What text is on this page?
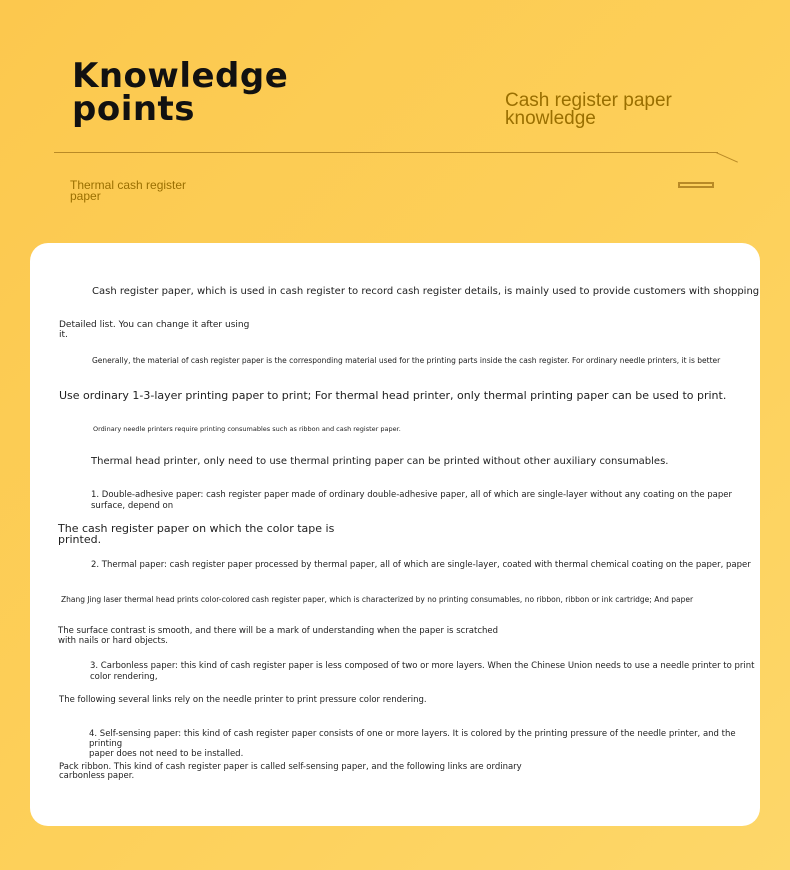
Knowledge
points	Cash register paper
knowledge
Thermal cash register
paper
Cash register paper, which is used in cash register to record cash register details, is mainly used to provide customers with shopping
Detailed list. You can change it after using
it.
Generally, the material of cash register paper is the corresponding material used for the printing parts inside the cash register. For ordinary needle printers, it is better
Use ordinary 1-3-layer printing paper to print; For thermal head printer, only thermal printing paper can be used to print.
Ordinary needle printers require printing consumables such as ribbon and cash register paper.
Thermal head printer, only need to use thermal printing paper can be printed without other auxiliary consumables.
1. Double-adhesive paper: cash register paper made of ordinary double-adhesive paper, all of which are single-layer without any coating on the paper
surface, depend on
The cash register paper on which the color tape is
printed.
2. Thermal paper: cash register paper processed by thermal paper, all of which are single-layer, coated with thermal chemical coating on the paper, paper
Zhang Jing laser thermal head prints color-colored cash register paper, which is characterized by no printing consumables, no ribbon, ribbon or ink cartridge; And paper
The surface contrast is smooth, and there will be a mark of understanding when the paper is scratched
with nails or hard objects.
3. Carbonless paper: this kind of cash register paper is less composed of two or more layers. When the Chinese Union needs to use a needle printer to print
color rendering,
The following several links rely on the needle printer to print pressure color rendering.
4. Self-sensing paper: this kind of cash register paper consists of one or more layers. It is colored by the printing pressure of the needle printer, and the printing
paper does not need to be installed.
Pack ribbon. This kind of cash register paper is called self-sensing paper, and the following links are ordinary
carbonless paper.
